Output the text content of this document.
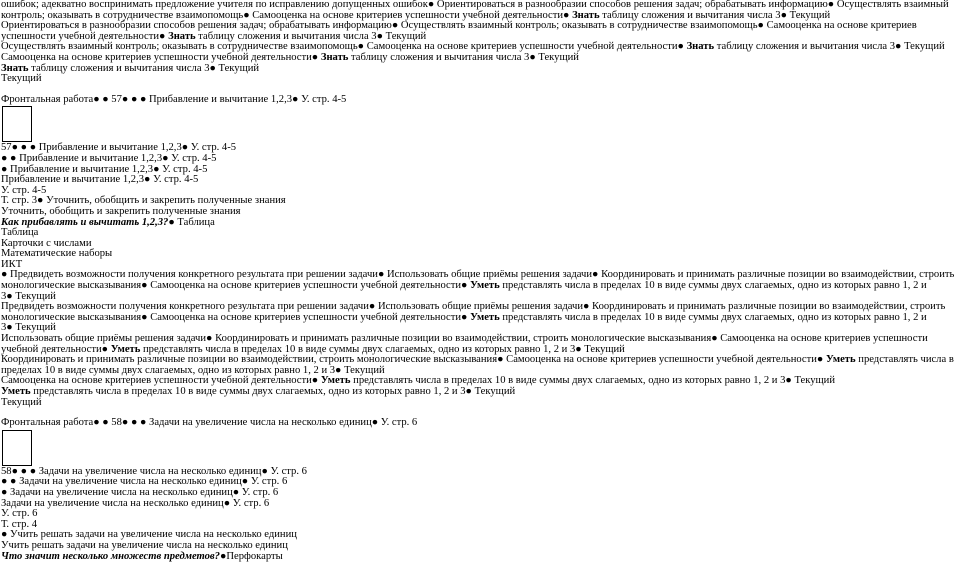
ошибок; адекватно воспринимать предложение учителя по исправлению допущенных ошибок● Ориентироваться в разнообразии способов решения задач; обрабатывать информацию● Осуществлять взаимный
контроль; оказывать в сотрудничестве взаимопомощь● Самооценка на основе критериев успешности учебной деятельности● Знать таблицу сложения и вычитания числа 3● Текущий
Ориентироваться в разнообразии способов решения задач; обрабатывать информацию● Осуществлять взаимный контроль; оказывать в сотрудничестве взаимопомощь● Самооценка на основе критериев
успешности учебной деятельности● Знать таблицу сложения и вычитания числа 3● Текущий
Осуществлять взаимный контроль; оказывать в сотрудничестве взаимопомощь● Самооценка на основе критериев успешности учебной деятельности● Знать таблицу сложения и вычитания числа 3● Текущий
Самооценка на основе критериев успешности учебной деятельности● Знать таблицу сложения и вычитания числа 3● Текущий
Знать таблицу сложения и вычитания числа 3● Текущий
Текущий
Фронтальная работа● ● 57● ● ● Прибавление и вычитание 1,2,3● У. стр. 4-5
57● ● ● Прибавление и вычитание 1,2,3● У. стр. 4-5
● ● Прибавление и вычитание 1,2,3● У. стр. 4-5
● Прибавление и вычитание 1,2,3● У. стр. 4-5
Прибавление и вычитание 1,2,3● У. стр. 4-5
У. стр. 4-5
Т. стр. 3● Уточнить, обобщить и закрепить полученные знания
Уточнить, обобщить и закрепить полученные знания
Как прибавлять и вычитать 1,2,3?● Таблица
Таблица
Карточки с числами
Математические наборы
ИКТ
● Предвидеть возможности получения конкретного результата при решении задачи● Использовать общие приёмы решения задачи● Координировать и принимать различные позиции во взаимодействии, строить
монологические высказывания● Самооценка на основе критериев успешности учебной деятельности● Уметь представлять числа в пределах 10 в виде суммы двух слагаемых, одно из которых равно 1, 2 и
3● Текущий
Предвидеть возможности получения конкретного результата при решении задачи● Использовать общие приёмы решения задачи● Координировать и принимать различные позиции во взаимодействии, строить
монологические высказывания● Самооценка на основе критериев успешности учебной деятельности● Уметь представлять числа в пределах 10 в виде суммы двух слагаемых, одно из которых равно 1, 2 и
3● Текущий
Использовать общие приёмы решения задачи● Координировать и принимать различные позиции во взаимодействии, строить монологические высказывания● Самооценка на основе критериев успешности
учебной деятельности● Уметь представлять числа в пределах 10 в виде суммы двух слагаемых, одно из которых равно 1, 2 и 3● Текущий
Координировать и принимать различные позиции во взаимодействии, строить монологические высказывания● Самооценка на основе критериев успешности учебной деятельности● Уметь представлять числа в
пределах 10 в виде суммы двух слагаемых, одно из которых равно 1, 2 и 3● Текущий
Самооценка на основе критериев успешности учебной деятельности● Уметь представлять числа в пределах 10 в виде суммы двух слагаемых, одно из которых равно 1, 2 и 3● Текущий
Уметь представлять числа в пределах 10 в виде суммы двух слагаемых, одно из которых равно 1, 2 и 3● Текущий
Текущий
Фронтальная работа● ● 58● ● ● Задачи на увеличение числа на несколько единиц● У. стр. 6
58● ● ● Задачи на увеличение числа на несколько единиц● У. стр. 6
● ● Задачи на увеличение числа на несколько единиц● У. стр. 6
● Задачи на увеличение числа на несколько единиц● У. стр. 6
Задачи на увеличение числа на несколько единиц● У. стр. 6
У. стр. 6
Т. стр. 4
● Учить решать задачи на увеличение числа на несколько единиц
Учить решать задачи на увеличение числа на несколько единиц
Что значит несколько множеств предметов?●Перфокарты
